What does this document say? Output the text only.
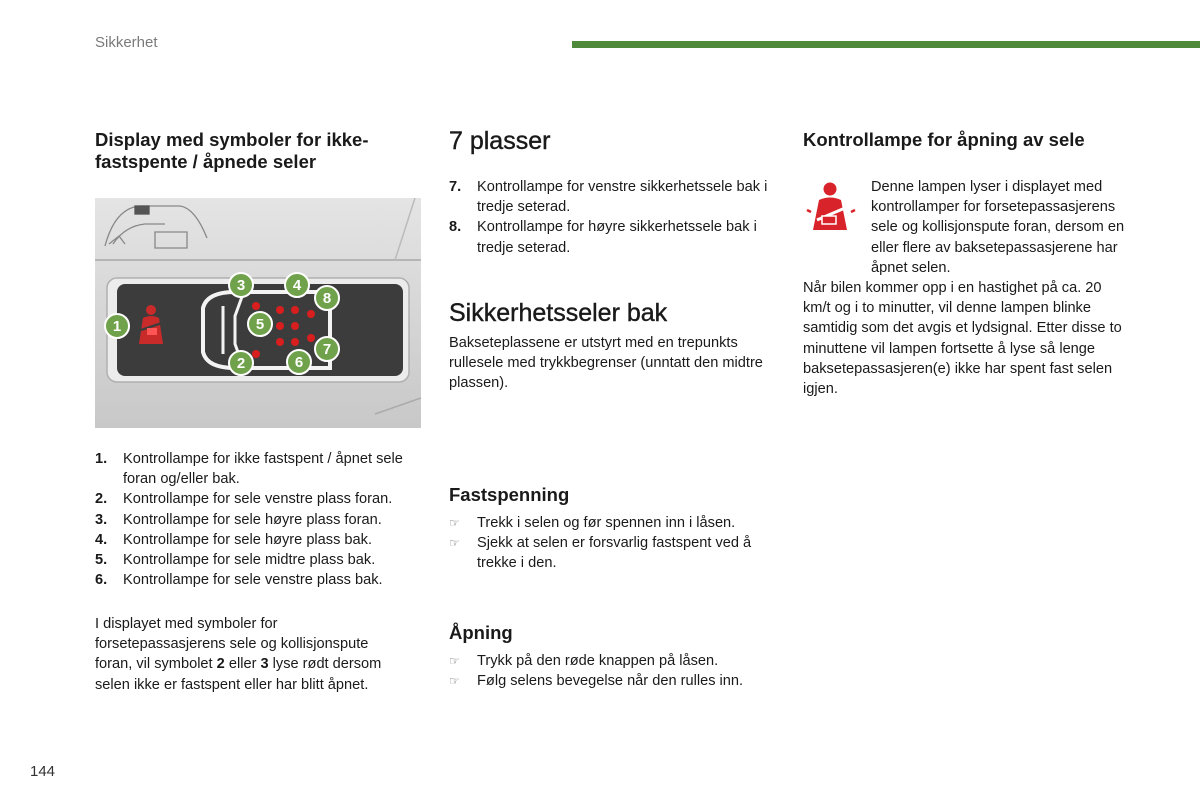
Sikkerhet
Display med symboler for ikke-fastspente / åpnede seler
1
2
3	4
5
6
7
8
1. Kontrollampe for ikke fastspent / åpnet sele foran og/eller bak.
2. Kontrollampe for sele venstre plass foran.
3. Kontrollampe for sele høyre plass foran.
4. Kontrollampe for sele høyre plass bak.
5. Kontrollampe for sele midtre plass bak.
6. Kontrollampe for sele venstre plass bak.

I displayet med symboler for forsetepassasjerens sele og kollisjonspute foran, vil symbolet 2 eller 3 lyse rødt dersom selen ikke er fastspent eller har blitt åpnet.

7 plasser
7. Kontrollampe for venstre sikkerhetssele bak i tredje seterad.
8. Kontrollampe for høyre sikkerhetssele bak i tredje seterad.
Sikkerhetsseler bak

Bakseteplassene er utstyrt med en trepunkts rullesele med trykkbegrenser (unntatt den midtre plassen).

Fastspenning
☞ Trekk i selen og før spennen inn i låsen.
☞ Sjekk at selen er forsvarlig fastspent ved å trekke i den.
Åpning
☞ Trykk på den røde knappen på låsen.
☞ Følg selens bevegelse når den rulles inn.
Kontrollampe for åpning av sele

Denne lampen lyser i displayet med kontrollamper for forsetepassasjerens sele og kollisjonspute foran, dersom en eller flere av baksetepassasjerene har åpnet selen.

Når bilen kommer opp i en hastighet på ca. 20 km/t og i to minutter, vil denne lampen blinke samtidig som det avgis et lydsignal. Etter disse to minuttene vil lampen fortsette å lyse så lenge baksetepassasjeren(e) ikke har spent fast selen igjen.

144
